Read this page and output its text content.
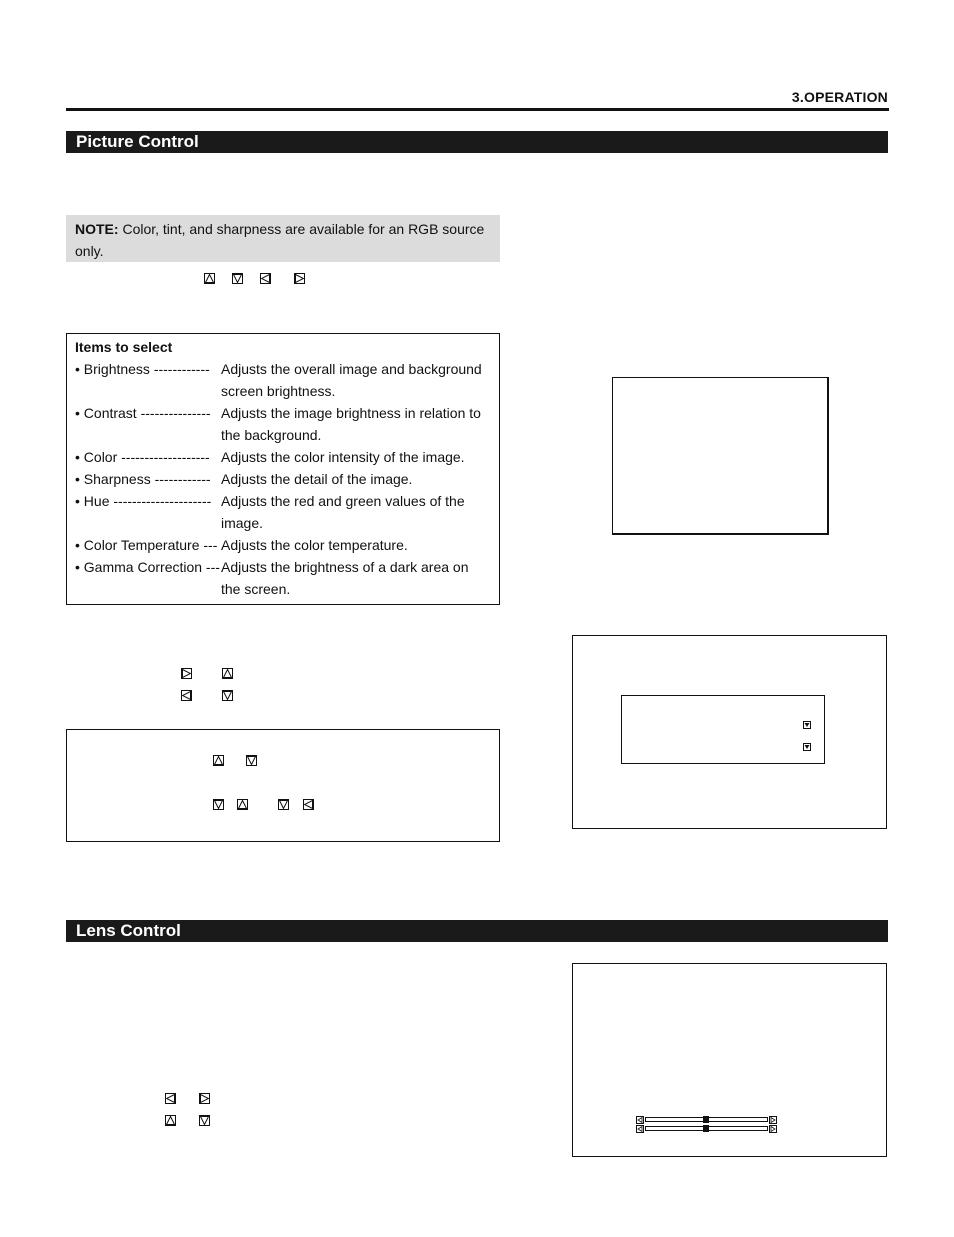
3.OPERATION
Picture Control
NOTE: Color, tint, and sharpness are available for an RGB source only.
Items to select
• Brightness ------------ Adjusts the overall image and background screen brightness.
• Contrast --------------- Adjusts the image brightness in relation to the background.
• Color ------------------- Adjusts the color intensity of the image.
• Sharpness ------------ Adjusts the detail of the image.
• Hue --------------------- Adjusts the red and green values of the image.
• Color Temperature --- Adjusts the color temperature.
• Gamma Correction --- Adjusts the brightness of a dark area on the screen.
Lens Control
